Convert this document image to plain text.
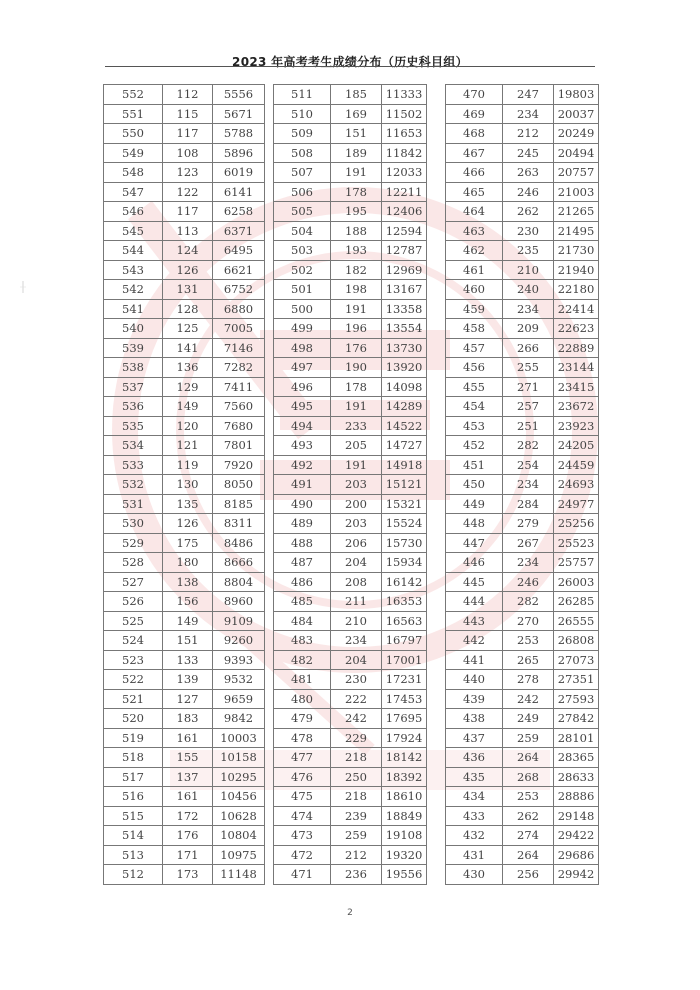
2023 年高考考生成绩分布（历史科目组）
552	112	5556
551	115	5671
550	117	5788
549	108	5896
548	123	6019
547	122	6141
546	117	6258
545	113	6371
544	124	6495
543	126	6621
542	131	6752
541	128	6880
540	125	7005
539	141	7146
538	136	7282
537	129	7411
536	149	7560
535	120	7680
534	121	7801
533	119	7920
532	130	8050
531	135	8185
530	126	8311
529	175	8486
528	180	8666
527	138	8804
526	156	8960
525	149	9109
524	151	9260
523	133	9393
522	139	9532
521	127	9659
520	183	9842
519	161	10003
518	155	10158
517	137	10295
516	161	10456
515	172	10628
514	176	10804
513	171	10975
512	173	11148
511	185	11333
510	169	11502
509	151	11653
508	189	11842
507	191	12033
506	178	12211
505	195	12406
504	188	12594
503	193	12787
502	182	12969
501	198	13167
500	191	13358
499	196	13554
498	176	13730
497	190	13920
496	178	14098
495	191	14289
494	233	14522
493	205	14727
492	191	14918
491	203	15121
490	200	15321
489	203	15524
488	206	15730
487	204	15934
486	208	16142
485	211	16353
484	210	16563
483	234	16797
482	204	17001
481	230	17231
480	222	17453
479	242	17695
478	229	17924
477	218	18142
476	250	18392
475	218	18610
474	239	18849
473	259	19108
472	212	19320
471	236	19556
470	247	19803
469	234	20037
468	212	20249
467	245	20494
466	263	20757
465	246	21003
464	262	21265
463	230	21495
462	235	21730
461	210	21940
460	240	22180
459	234	22414
458	209	22623
457	266	22889
456	255	23144
455	271	23415
454	257	23672
453	251	23923
452	282	24205
451	254	24459
450	234	24693
449	284	24977
448	279	25256
447	267	25523
446	234	25757
445	246	26003
444	282	26285
443	270	26555
442	253	26808
441	265	27073
440	278	27351
439	242	27593
438	249	27842
437	259	28101
436	264	28365
435	268	28633
434	253	28886
433	262	29148
432	274	29422
431	264	29686
430	256	29942
2
